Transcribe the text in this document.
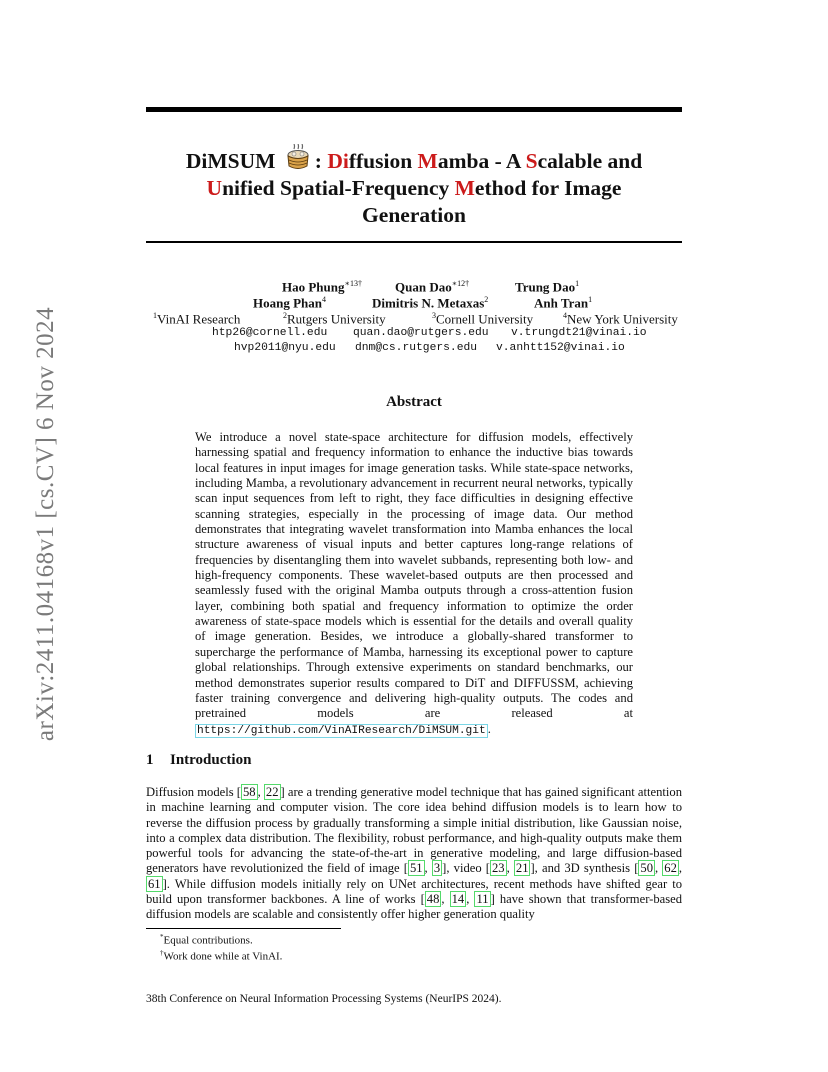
arXiv:2411.04168v1 [cs.CV] 6 Nov 2024
DiMSUM : Diffusion Mamba - A Scalable and
Unified Spatial-Frequency Method for Image
Generation
Hao Phung$^{∗13\dagger}$	Quan Dao$^{∗12\dagger}$	Trung Dao$^1$
Hoang Phan$^4$	Dimitris N. Metaxas$^2$	Anh Tran$^1$
$^1$VinAI Research	$^2$Rutgers University	$^3$Cornell University	$^4$New York University
htp26@cornell.edu quan.dao@rutgers.edu v.trungdt21@vinai.io
hvp2011@nyu.edu dnm@cs.rutgers.edu v.anhtt152@vinai.io
Abstract
We introduce a novel state-space architecture for diffusion models, effectively harnessing spatial and frequency information to enhance the inductive bias towards local features in input images for image generation tasks. While state-space networks, including Mamba, a revolutionary advancement in recurrent neural networks, typically scan input sequences from left to right, they face difficulties in designing effective scanning strategies, especially in the processing of image data. Our method demonstrates that integrating wavelet transformation into Mamba enhances the local structure awareness of visual inputs and better captures long-range relations of frequencies by disentangling them into wavelet subbands, representing both low- and high-frequency components. These wavelet-based outputs are then processed and seamlessly fused with the original Mamba outputs through a cross-attention fusion layer, combining both spatial and frequency information to optimize the order awareness of state-space models which is essential for the details and overall quality of image generation. Besides, we introduce a globally-shared transformer to supercharge the performance of Mamba, harnessing its exceptional power to capture global relationships. Through extensive experiments on standard benchmarks, our method demonstrates superior results compared to DiT and DIFFUSSM, achieving faster training convergence and delivering high-quality outputs. The codes and pretrained models are released at https://github.com/VinAIResearch/DiMSUM.git .
1 Introduction
Diffusion models [ 58 , 22 ] are a trending generative model technique that has gained significant attention in machine learning and computer vision. The core idea behind diffusion models is to learn how to reverse the diffusion process by gradually transforming a simple initial distribution, like Gaussian noise, into a complex data distribution. The flexibility, robust performance, and high-quality outputs make them powerful tools for advancing the state-of-the-art in generative modeling, and large diffusion-based generators have revolutionized the field of image [ 51 , 3 ], video [ 23 , 21 ], and 3D synthesis [ 50 , 62 , 61 ]. While diffusion models initially rely on UNet architectures, recent methods have shifted gear to build upon transformer backbones. A line of works [ 48 , 14 , 11 ] have shown that transformer-based diffusion models are scalable and consistently offer higher generation quality
*Equal contributions.
†Work done while at VinAI.
38th Conference on Neural Information Processing Systems (NeurIPS 2024).
